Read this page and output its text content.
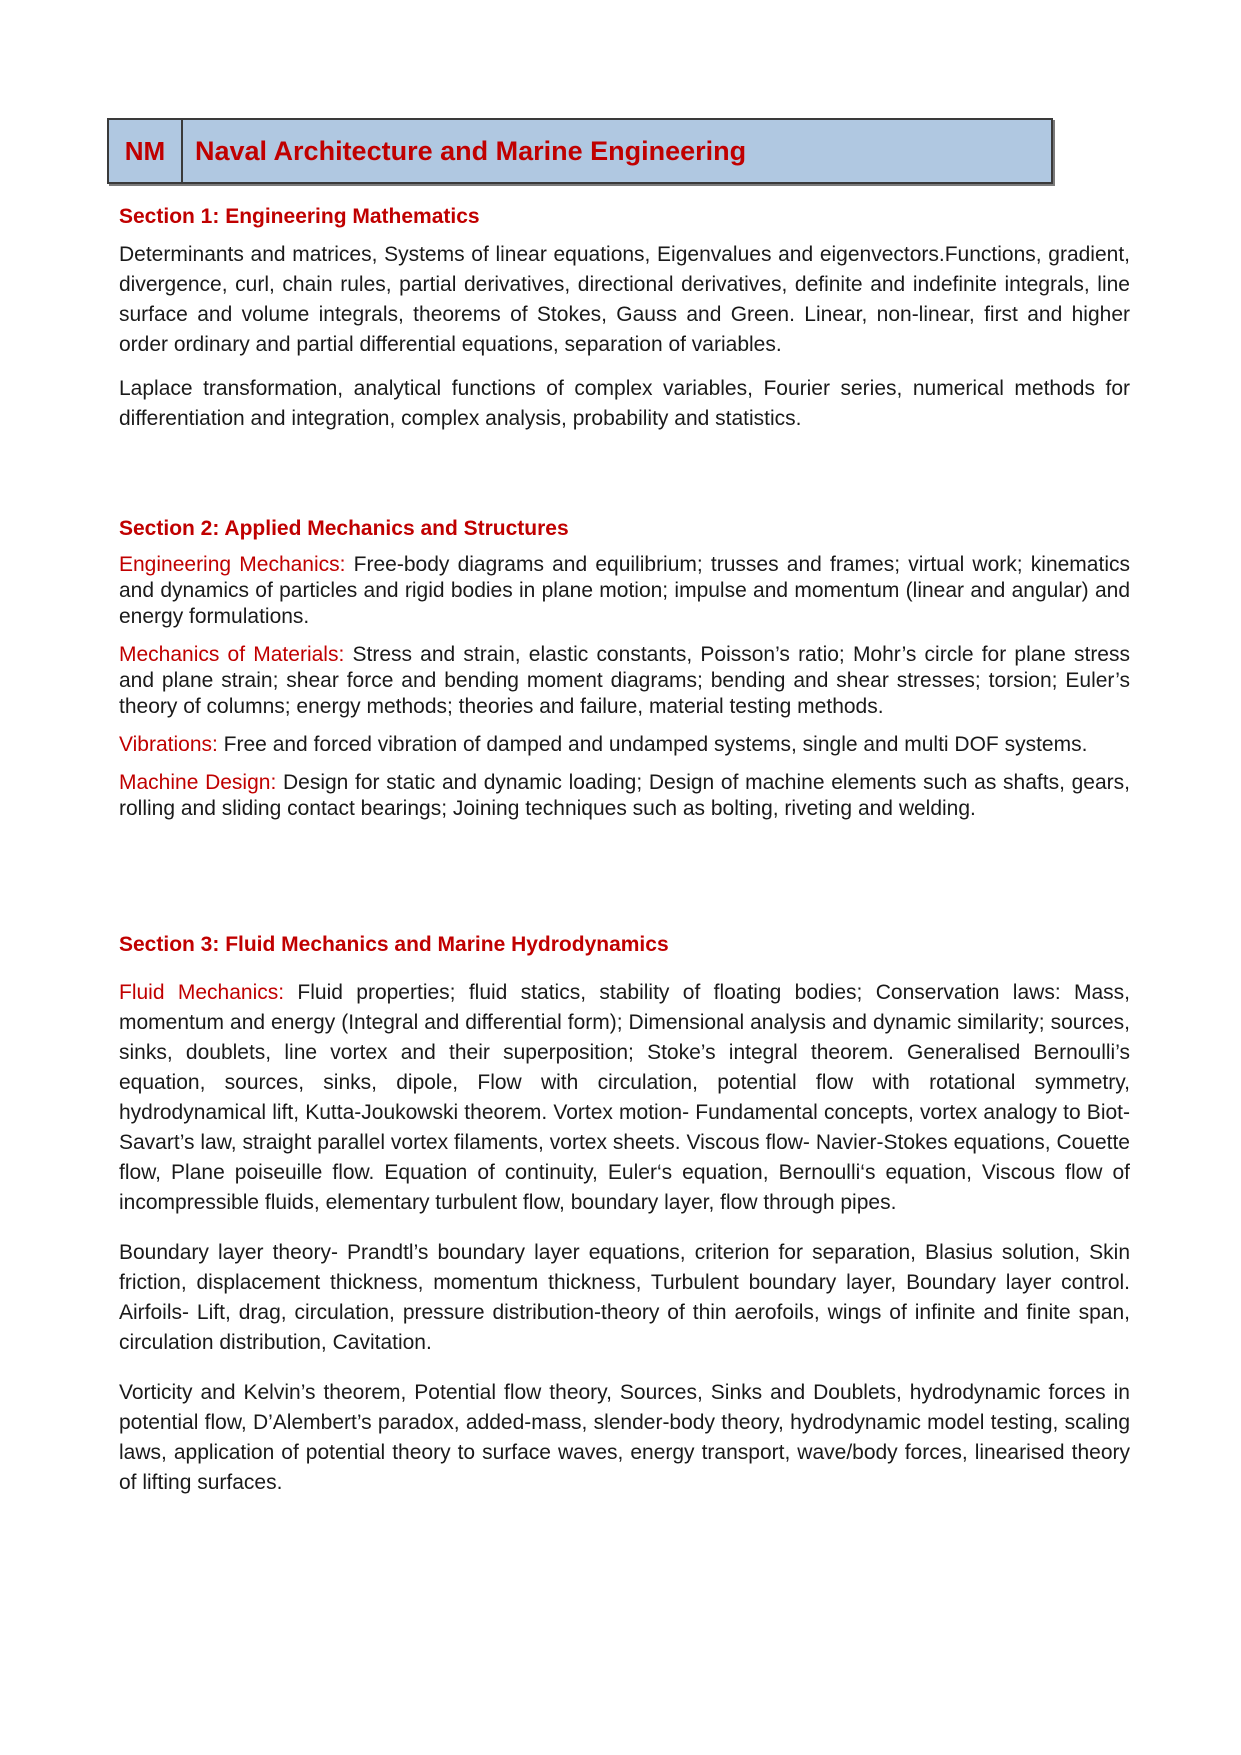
NM	Naval Architecture and Marine Engineering
Section 1: Engineering Mathematics

Determinants and matrices, Systems of linear equations, Eigenvalues and eigenvectors.Functions, gradient, divergence, curl, chain rules, partial derivatives, directional derivatives, definite and indefinite integrals, line surface and volume integrals, theorems of Stokes, Gauss and Green. Linear, non-linear, first and higher order ordinary and partial differential equations, separation of variables.

Laplace transformation, analytical functions of complex variables, Fourier series, numerical methods for differentiation and integration, complex analysis, probability and statistics.

Section 2: Applied Mechanics and Structures

Engineering Mechanics: Free-body diagrams and equilibrium; trusses and frames; virtual work; kinematics and dynamics of particles and rigid bodies in plane motion; impulse and momentum (linear and angular) and energy formulations.

Mechanics of Materials: Stress and strain, elastic constants, Poisson’s ratio; Mohr’s circle for plane stress and plane strain; shear force and bending moment diagrams; bending and shear stresses; torsion; Euler’s theory of columns; energy methods; theories and failure, material testing methods.

Vibrations: Free and forced vibration of damped and undamped systems, single and multi DOF systems.

Machine Design: Design for static and dynamic loading; Design of machine elements such as shafts, gears, rolling and sliding contact bearings; Joining techniques such as bolting, riveting and welding.

Section 3: Fluid Mechanics and Marine Hydrodynamics

Fluid Mechanics: Fluid properties; fluid statics, stability of floating bodies; Conservation laws: Mass, momentum and energy (Integral and differential form); Dimensional analysis and dynamic similarity; sources, sinks, doublets, line vortex and their superposition; Stoke’s integral theorem. Generalised Bernoulli’s equation, sources, sinks, dipole, Flow with circulation, potential flow with rotational symmetry, hydrodynamical lift, Kutta-Joukowski theorem. Vortex motion- Fundamental concepts, vortex analogy to Biot-Savart’s law, straight parallel vortex filaments, vortex sheets. Viscous flow- Navier-Stokes equations, Couette flow, Plane poiseuille flow. Equation of continuity, Euler‘s equation, Bernoulli‘s equation, Viscous flow of incompressible fluids, elementary turbulent flow, boundary layer, flow through pipes.

Boundary layer theory- Prandtl’s boundary layer equations, criterion for separation, Blasius solution, Skin friction, displacement thickness, momentum thickness, Turbulent boundary layer, Boundary layer control. Airfoils- Lift, drag, circulation, pressure distribution-theory of thin aerofoils, wings of infinite and finite span, circulation distribution, Cavitation.

Vorticity and Kelvin’s theorem, Potential flow theory, Sources, Sinks and Doublets, hydrodynamic forces in potential flow, D’Alembert’s paradox, added-mass, slender-body theory, hydrodynamic model testing, scaling laws, application of potential theory to surface waves, energy transport, wave/body forces, linearised theory of lifting surfaces.
